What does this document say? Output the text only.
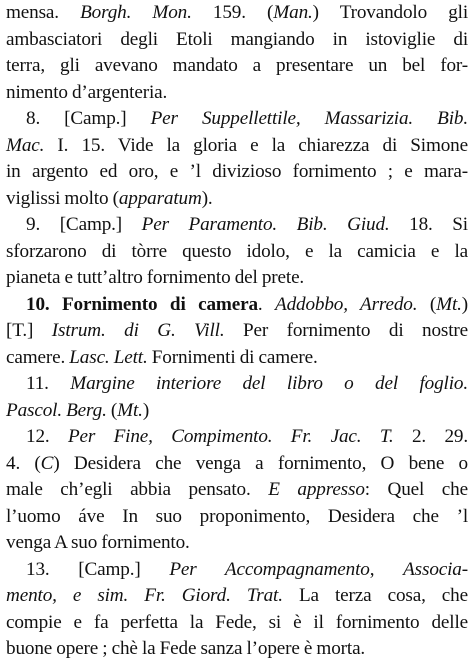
mensa. Borgh. Mon. 159. (Man.) Trovandolo gli
ambasciatori degli Etoli mangiando in istoviglie di
terra, gli avevano mandato a presentare un bel for-
nimento d’argenteria.
8. [Camp.] Per Suppellettile, Massarizia. Bib.
Mac. I. 15. Vide la gloria e la chiarezza di Simone
in argento ed oro, e ’l divizioso fornimento ; e mara-
viglissi molto (apparatum).
9. [Camp.] Per Paramento. Bib. Giud. 18. Si
sforzarono di tòrre questo idolo, e la camicia e la
pianeta e tutt’altro fornimento del prete.
10. Fornimento di camera. Addobbo, Arredo. (Mt.)
[T.] Istrum. di G. Vill. Per fornimento di nostre
camere. Lasc. Lett. Fornimenti di camere.
11. Margine interiore del libro o del foglio.
Pascol. Berg. (Mt.)
12. Per Fine, Compimento. Fr. Jac. T. 2. 29.
4. (C) Desidera che venga a fornimento, O bene o
male ch’egli abbia pensato. E appresso: Quel che
l’uomo áve In suo proponimento, Desidera che ’l
venga A suo fornimento.
13. [Camp.] Per Accompagnamento, Associa-
mento, e sim. Fr. Giord. Trat. La terza cosa, che
compie e fa perfetta la Fede, si è il fornimento delle
buone opere ; chè la Fede sanza l’opere è morta.
